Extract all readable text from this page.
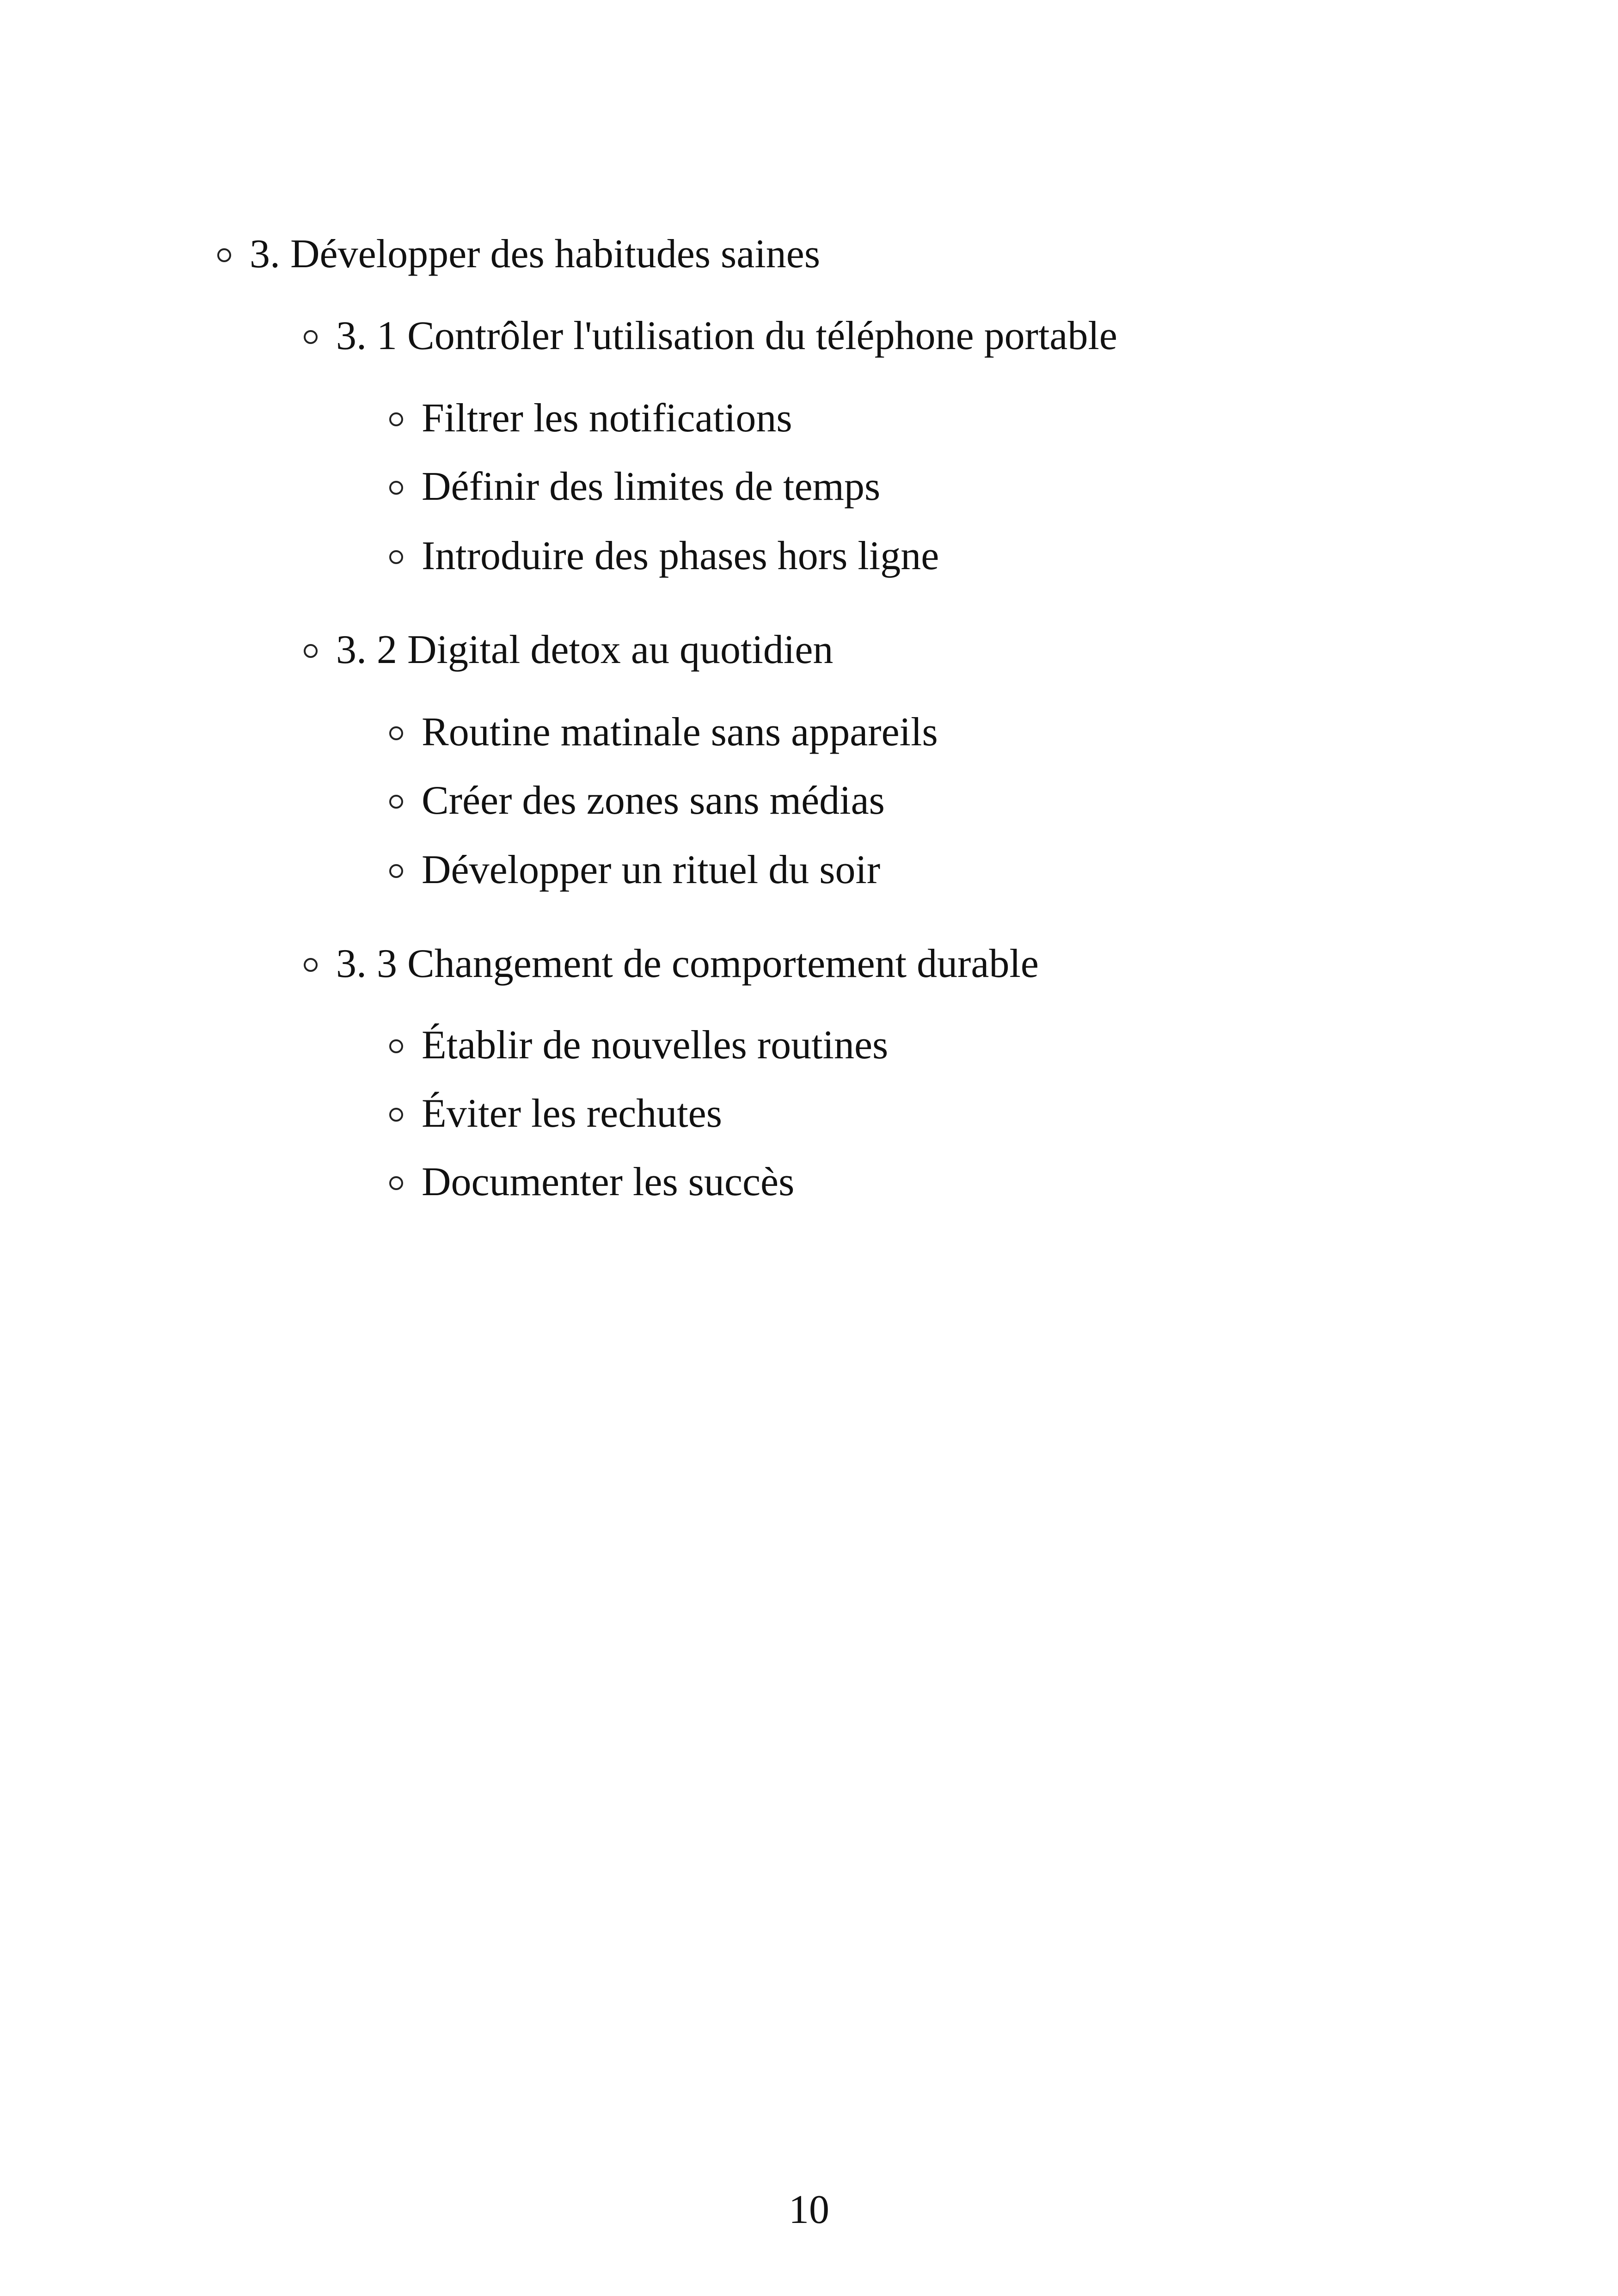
3. Développer des habitudes saines
3. 1 Contrôler l'utilisation du téléphone portable
Filtrer les notifications
Définir des limites de temps
Introduire des phases hors ligne
3. 2 Digital detox au quotidien
Routine matinale sans appareils
Créer des zones sans médias
Développer un rituel du soir
3. 3 Changement de comportement durable
Établir de nouvelles routines
Éviter les rechutes
Documenter les succès
10
